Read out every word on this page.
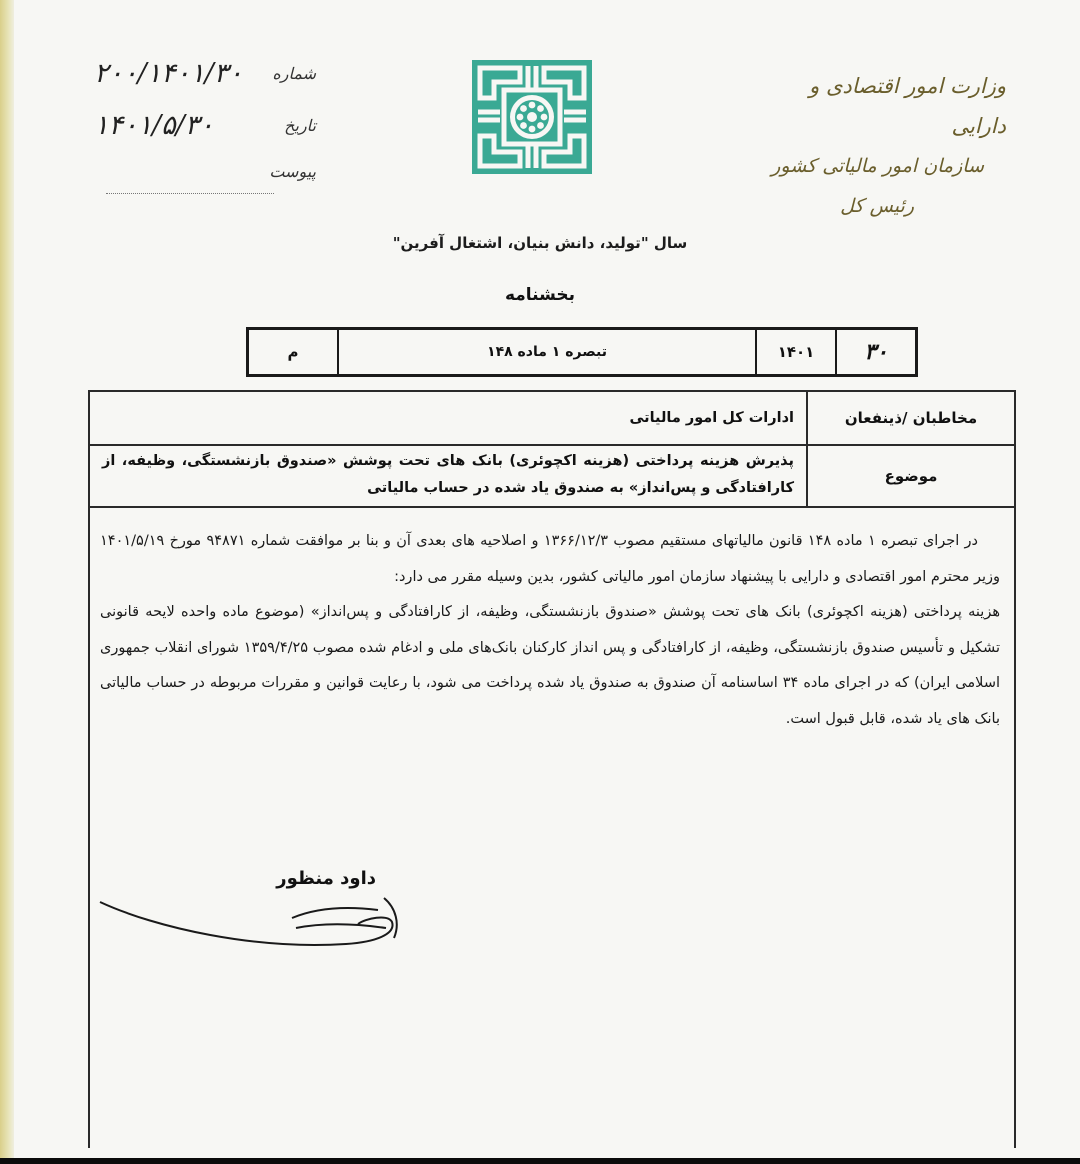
وزارت امور اقتصادی و دارایی
سازمان امور مالیاتی کشور
رئیس کل
۲۰۰/۱۴۰۱/۳۰ شماره
۱۴۰۱/۵/۳۰	تاریخ
پیوست
سال "تولید، دانش بنیان، اشتغال آفرین"
بخشنامه
۳۰
۱۴۰۱
تبصره ۱ ماده ۱۴۸
م
مخاطبان /ذینفعان
ادارات کل امور مالیاتی
موضوع
پذیرش هزینه پرداختی (هزینه اکچوئری) بانک های تحت پوشش «صندوق بازنشستگی، وظیفه، از کارافتادگی و پس‌انداز» به صندوق یاد شده در حساب مالیاتی

در اجرای تبصره ۱ ماده ۱۴۸ قانون مالیاتهای مستقیم مصوب ۱۳۶۶/۱۲/۳ و اصلاحیه های بعدی آن و بنا بر موافقت شماره ۹۴۸۷۱ مورخ ۱۴۰۱/۵/۱۹ وزیر محترم امور اقتصادی و دارایی با پیشنهاد سازمان امور مالیاتی کشور، بدین وسیله مقرر می دارد:

هزینه پرداختی (هزینه اکچوئری) بانک های تحت پوشش «صندوق بازنشستگی، وظیفه، از کارافتادگی و پس‌انداز» (موضوع ماده واحده لایحه قانونی تشکیل و تأسیس صندوق بازنشستگی، وظیفه، از کارافتادگی و پس انداز کارکنان بانک‌های ملی و ادغام شده مصوب ۱۳۵۹/۴/۲۵ شورای انقلاب جمهوری اسلامی ایران) که در اجرای ماده ۳۴ اساسنامه آن صندوق به صندوق یاد شده پرداخت می شود، با رعایت قوانین و مقررات مربوطه در حساب مالیاتی بانک های یاد شده، قابل قبول است.

داود منظور
